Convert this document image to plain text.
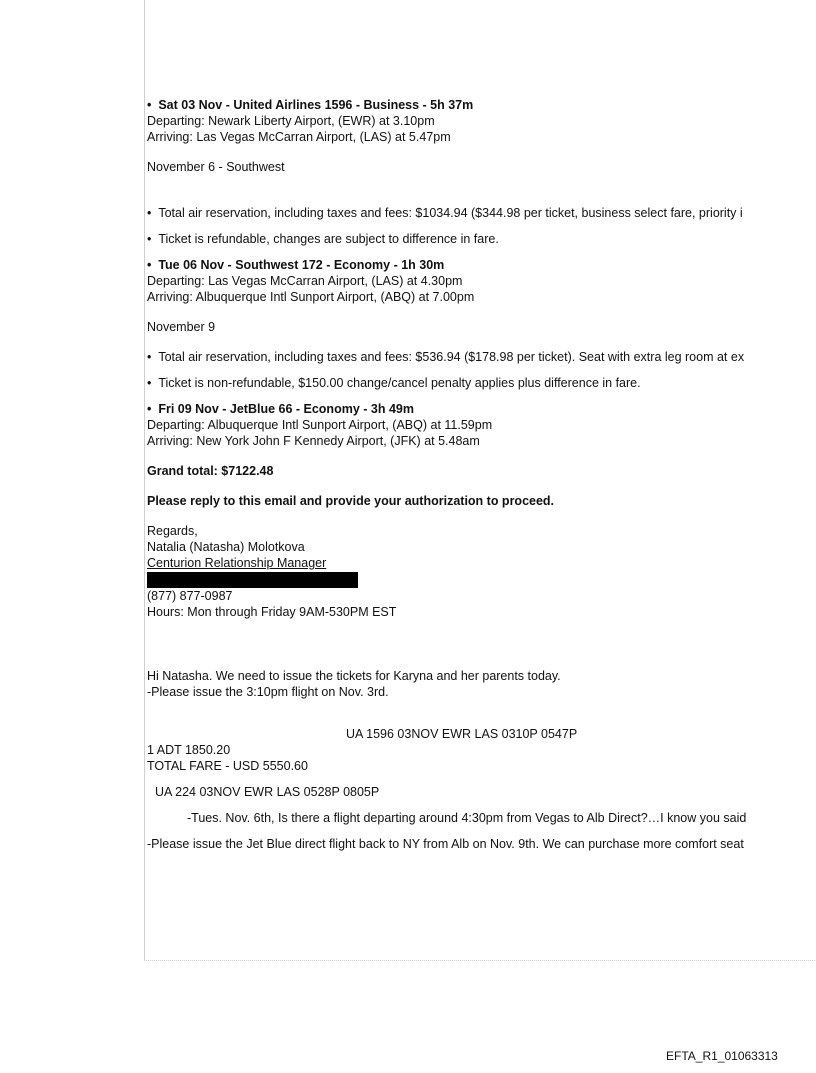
•  Sat 03 Nov - United Airlines 1596 - Business - 5h 37m

Departing: Newark Liberty Airport, (EWR) at 3.10pm

Arriving: Las Vegas McCarran Airport, (LAS) at 5.47pm

November 6 - Southwest

•  Total air reservation, including taxes and fees: $1034.94 ($344.98 per ticket, business select fare, priority i

•  Ticket is refundable, changes are subject to difference in fare.

•  Tue 06 Nov - Southwest 172 - Economy - 1h 30m

Departing: Las Vegas McCarran Airport, (LAS) at 4.30pm

Arriving: Albuquerque Intl Sunport Airport, (ABQ) at 7.00pm

November 9

•  Total air reservation, including taxes and fees: $536.94 ($178.98 per ticket). Seat with extra leg room at ex

•  Ticket is non-refundable, $150.00 change/cancel penalty applies plus difference in fare.

•  Fri 09 Nov - JetBlue 66 - Economy - 3h 49m

Departing: Albuquerque Intl Sunport Airport, (ABQ) at 11.59pm

Arriving: New York John F Kennedy Airport, (JFK) at 5.48am

Grand total: $7122.48

Please reply to this email and provide your authorization to proceed.

Regards,

Natalia (Natasha) Molotkova

Centurion Relationship Manager

(877) 877-0987

Hours: Mon through Friday 9AM-530PM EST

Hi Natasha. We need to issue the tickets for Karyna and her parents today.

-Please issue the 3:10pm flight on Nov. 3rd.

UA 1596 03NOV EWR LAS 0310P 0547P

1 ADT 1850.20

TOTAL FARE - USD 5550.60

UA 224 03NOV EWR LAS 0528P 0805P

-Tues. Nov. 6th, Is there a flight departing around 4:30pm from Vegas to Alb Direct?…I know you said

-Please issue the Jet Blue direct flight back to NY from Alb on Nov. 9th. We can purchase more comfort seat

EFTA_R1_01063313
